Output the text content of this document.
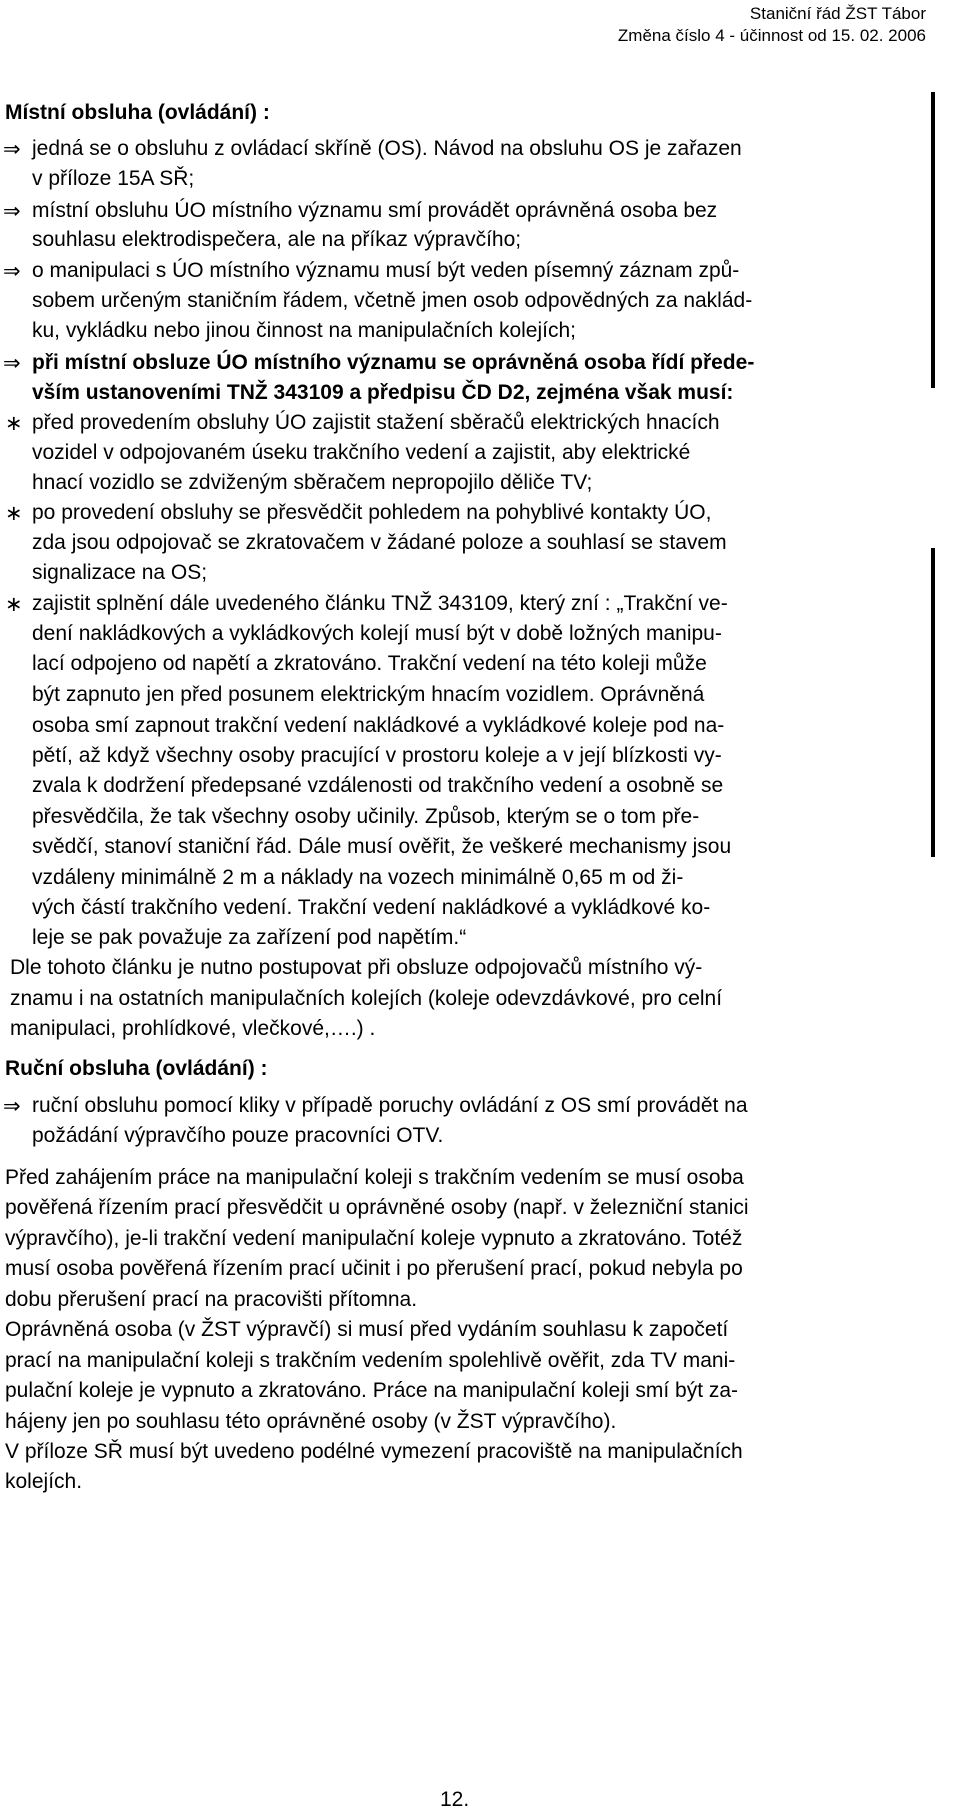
Staniční řád ŽST Tábor
Změna číslo 4 - účinnost od 15. 02. 2006
Místní obsluha (ovládání) :
⇒ jedná se o obsluhu z ovládací skříně (OS). Návod na obsluhu OS je zařazen
v příloze 15A SŘ;
⇒ místní obsluhu ÚO místního významu smí provádět oprávněná osoba bez
souhlasu elektrodispečera, ale na příkaz výpravčího;
⇒ o manipulaci s ÚO místního významu musí být veden písemný záznam způ-
sobem určeným staničním řádem, včetně jmen osob odpovědných za naklád-
ku, vykládku nebo jinou činnost na manipulačních kolejích;
⇒ při místní obsluze ÚO místního významu se oprávněná osoba řídí přede-
vším ustanoveními TNŽ 343109 a předpisu ČD D2, zejména však musí:
∗ před provedením obsluhy ÚO zajistit stažení sběračů elektrických hnacích
vozidel v odpojovaném úseku trakčního vedení a zajistit, aby elektrické
hnací vozidlo se zdviženým sběračem nepropojilo děliče TV;
∗ po provedení obsluhy se přesvědčit pohledem na pohyblivé kontakty ÚO,
zda jsou odpojovač se zkratovačem v žádané poloze a souhlasí se stavem
signalizace na OS;
∗ zajistit splnění dále uvedeného článku TNŽ 343109, který zní : „Trakční ve-
dení nakládkových a vykládkových kolejí musí být v době ložných manipu-
lací odpojeno od napětí a zkratováno. Trakční vedení na této koleji může
být zapnuto jen před posunem elektrickým hnacím vozidlem. Oprávněná
osoba smí zapnout trakční vedení nakládkové a vykládkové koleje pod na-
pětí, až když všechny osoby pracující v prostoru koleje a v její blízkosti vy-
zvala k dodržení předepsané vzdálenosti od trakčního vedení a osobně se
přesvědčila, že tak všechny osoby učinily. Způsob, kterým se o tom pře-
svědčí, stanoví staniční řád. Dále musí ověřit, že veškeré mechanismy jsou
vzdáleny minimálně 2 m a náklady na vozech minimálně 0,65 m od ži-
vých částí trakčního vedení. Trakční vedení nakládkové a vykládkové ko-
leje se pak považuje za zařízení pod napětím.“
Dle tohoto článku je nutno postupovat při obsluze odpojovačů místního vý-
znamu i na ostatních manipulačních kolejích (koleje odevzdávkové, pro celní
manipulaci, prohlídkové, vlečkové,….) .
Ruční obsluha (ovládání) :
⇒ ruční obsluhu pomocí kliky v případě poruchy ovládání z OS smí provádět na
požádání výpravčího pouze pracovníci OTV.
Před zahájením práce na manipulační koleji s trakčním vedením se musí osoba
pověřená řízením prací přesvědčit u oprávněné osoby (např. v železniční stanici
výpravčího), je-li trakční vedení manipulační koleje vypnuto a zkratováno. Totéž
musí osoba pověřená řízením prací učinit i po přerušení prací, pokud nebyla po
dobu přerušení prací na pracovišti přítomna.
Oprávněná osoba (v ŽST výpravčí) si musí před vydáním souhlasu k započetí
prací na manipulační koleji s trakčním vedením spolehlivě ověřit, zda TV mani-
pulační koleje je vypnuto a zkratováno. Práce na manipulační koleji smí být za-
hájeny jen po souhlasu této oprávněné osoby (v ŽST výpravčího).
V příloze SŘ musí být uvedeno podélné vymezení pracoviště na manipulačních
kolejích.
12.
